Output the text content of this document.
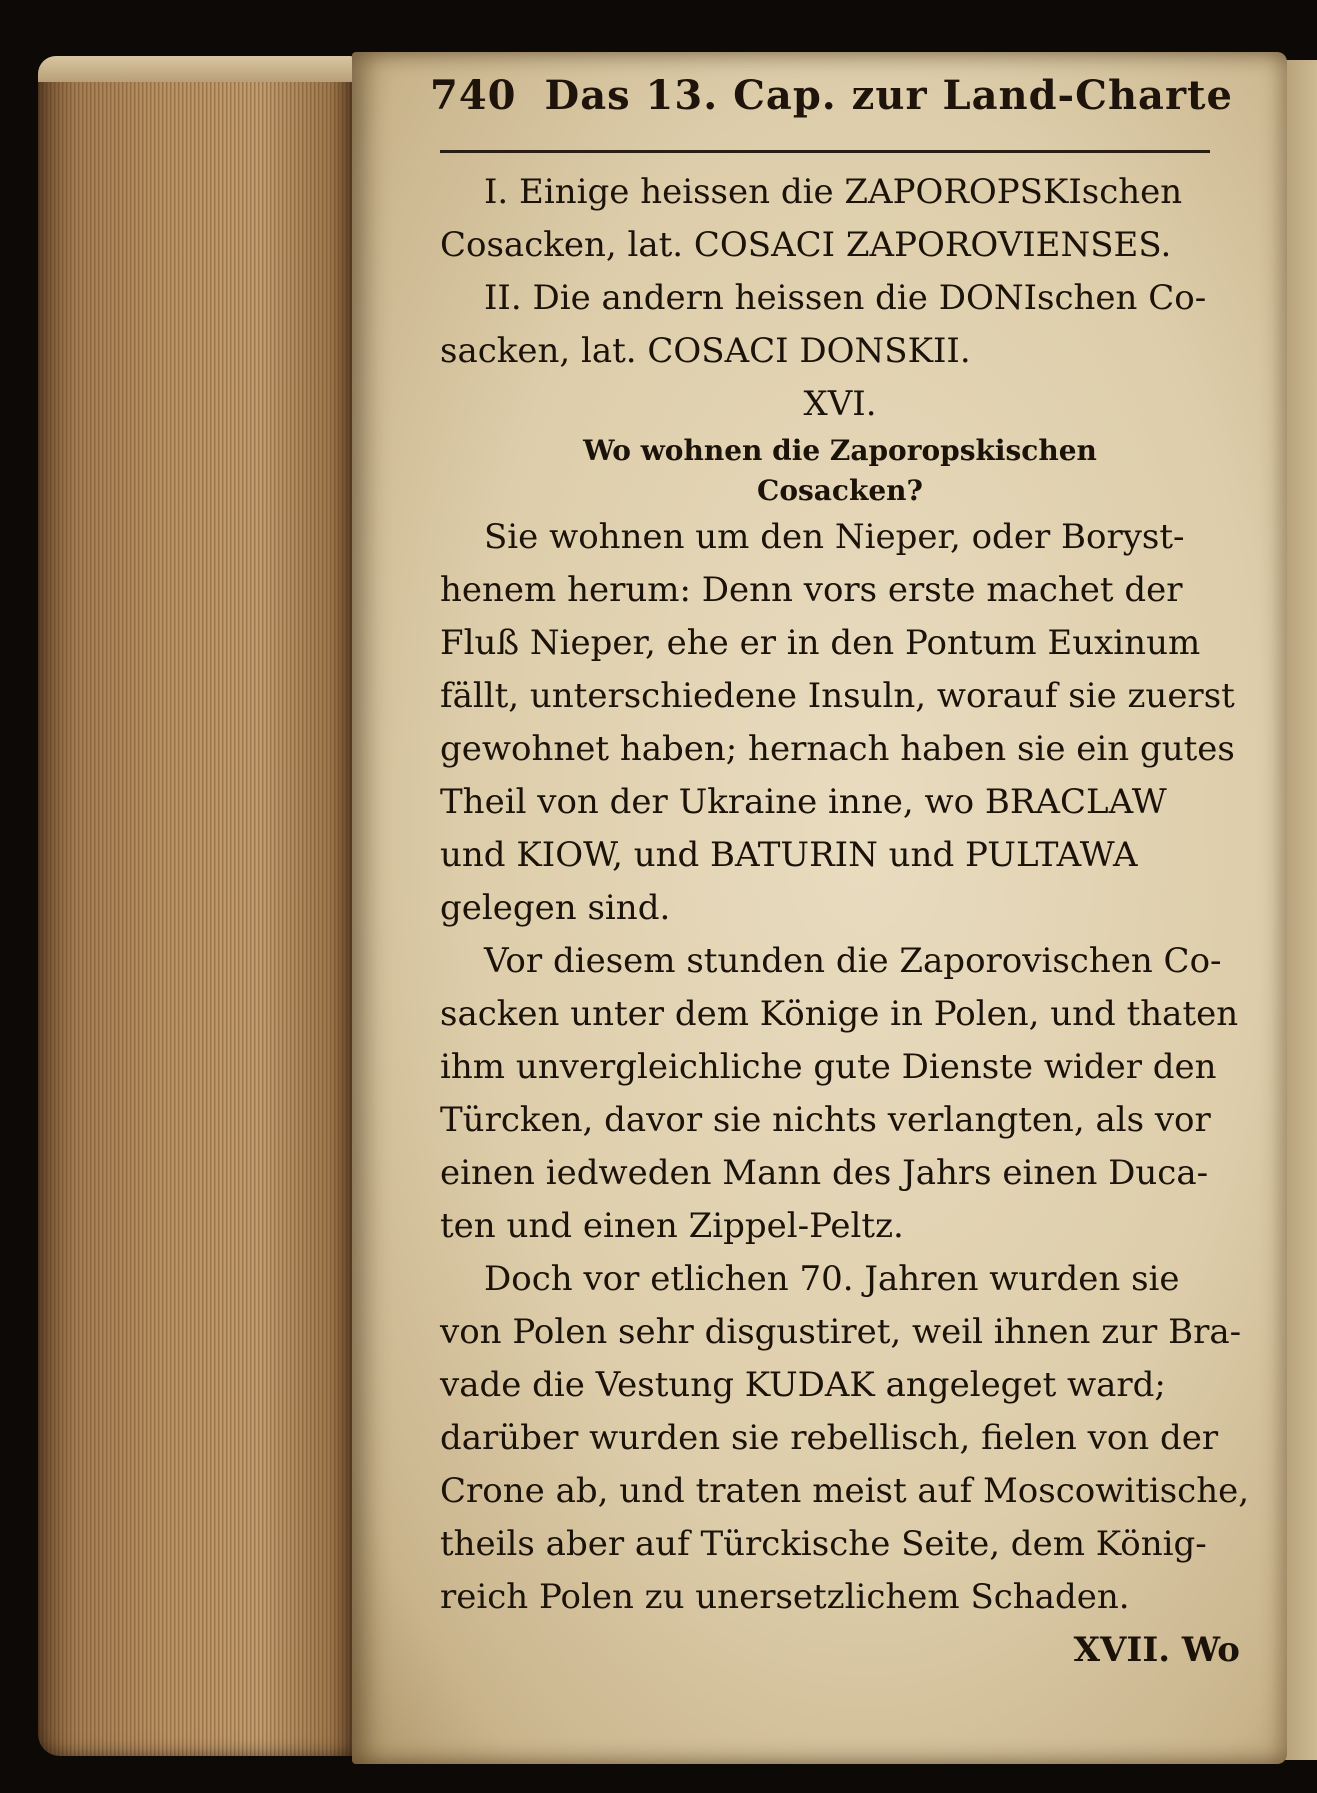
740 Das 13. Cap. zur Land-Charte
I. Einige heissen die ZAPOROPSKIschen
Cosacken, lat. COSACI ZAPOROVIENSES.
II. Die andern heissen die DONIschen Co-
sacken, lat. COSACI DONSKII.
XVI.
Wo wohnen die Zaporopskischen
Cosacken?
Sie wohnen um den Nieper, oder Boryst-
henem herum: Denn vors erste machet der
Fluß Nieper, ehe er in den Pontum Euxinum
fällt, unterschiedene Insuln, worauf sie zuerst
gewohnet haben; hernach haben sie ein gutes
Theil von der Ukraine inne, wo BRACLAW
und KIOW, und BATURIN und PULTAWA
gelegen sind.
Vor diesem stunden die Zaporovischen Co-
sacken unter dem Könige in Polen, und thaten
ihm unvergleichliche gute Dienste wider den
Türcken, davor sie nichts verlangten, als vor
einen iedweden Mann des Jahrs einen Duca-
ten und einen Zippel-Peltz.
Doch vor etlichen 70. Jahren wurden sie
von Polen sehr disgustiret, weil ihnen zur Bra-
vade die Vestung KUDAK angeleget ward;
darüber wurden sie rebellisch, fielen von der
Crone ab, und traten meist auf Moscowitische,
theils aber auf Türckische Seite, dem König-
reich Polen zu unersetzlichem Schaden.
XVII. Wo
